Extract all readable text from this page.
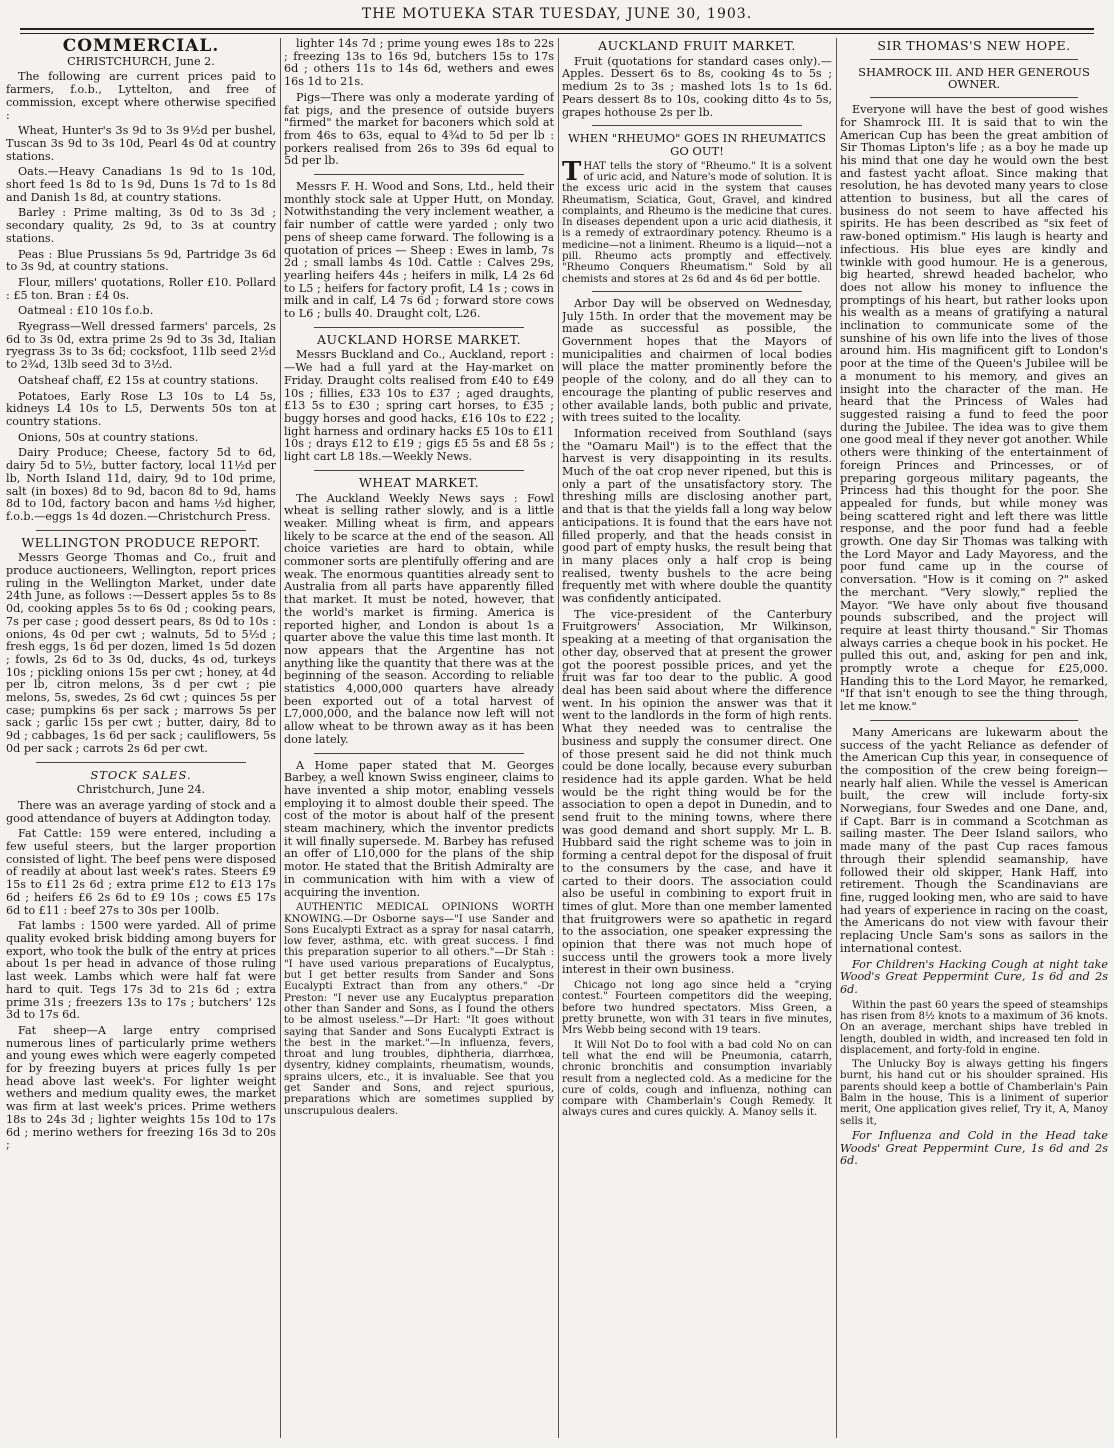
THE MOTUEKA STAR TUESDAY, JUNE 30, 1903.
COMMERCIAL.
CHRISTCHURCH, June 2.

The following are current prices paid to farmers, f.o.b., Lyttelton, and free of commission, except where otherwise specified :

Wheat, Hunter's 3s 9d to 3s 9½d per bushel, Tuscan 3s 9d to 3s 10d, Pearl 4s 0d at country stations.

Oats.—Heavy Canadians 1s 9d to 1s 10d, short feed 1s 8d to 1s 9d, Duns 1s 7d to 1s 8d and Danish 1s 8d, at country stations.

Barley : Prime malting, 3s 0d to 3s 3d ; secondary quality, 2s 9d, to 3s at country stations.

Peas : Blue Prussians 5s 9d, Partridge 3s 6d to 3s 9d, at country stations.

Flour, millers' quotations, Roller £10. Pollard : £5 ton. Bran : £4 0s.

Oatmeal : £10 10s f.o.b.

Ryegrass—Well dressed farmers' parcels, 2s 6d to 3s 0d, extra prime 2s 9d to 3s 3d, Italian ryegrass 3s to 3s 6d; cocksfoot, 11lb seed 2½d to 2¾d, 13lb seed 3d to 3½d.

Oatsheaf chaff, £2 15s at country stations.

Potatoes, Early Rose L3 10s to L4 5s, kidneys L4 10s to L5, Derwents 50s ton at country stations.

Onions, 50s at country stations.

Dairy Produce; Cheese, factory 5d to 6d, dairy 5d to 5½, butter factory, local 11½d per lb, North Island 11d, dairy, 9d to 10d prime, salt (in boxes) 8d to 9d, bacon 8d to 9d, hams 8d to 10d, factory bacon and hams ½d higher, f.o.b.—eggs 1s 4d dozen.—Christchurch Press.

WELLINGTON PRODUCE REPORT.

Messrs George Thomas and Co., fruit and produce auctioneers, Wellington, report prices ruling in the Wellington Market, under date 24th June, as follows :—Dessert apples 5s to 8s 0d, cooking apples 5s to 6s 0d ; cooking pears, 7s per case ; good dessert pears, 8s 0d to 10s : onions, 4s 0d per cwt ; walnuts, 5d to 5½d ; fresh eggs, 1s 6d per dozen, limed 1s 5d dozen ; fowls, 2s 6d to 3s 0d, ducks, 4s od, turkeys 10s ; pickling onions 15s per cwt ; honey, at 4d per lb, citron melons, 3s d per cwt ; pie melons, 5s, swedes, 2s 6d cwt ; quinces 5s per case; pumpkins 6s per sack ; marrows 5s per sack ; garlic 15s per cwt ; butter, dairy, 8d to 9d ; cabbages, 1s 6d per sack ; cauliflowers, 5s 0d per sack ; carrots 2s 6d per cwt.

STOCK SALES.
Christchurch, June 24.

There was an average yarding of stock and a good attendance of buyers at Addington today.

Fat Cattle: 159 were entered, including a few useful steers, but the larger proportion consisted of light. The beef pens were disposed of readily at about last week's rates. Steers £9 15s to £11 2s 6d ; extra prime £12 to £13 17s 6d ; heifers £6 2s 6d to £9 10s ; cows £5 17s 6d to £11 : beef 27s to 30s per 100lb.

Fat lambs : 1500 were yarded. All of prime quality evoked brisk bidding among buyers for export, who took the bulk of the entry at prices about 1s per head in advance of those ruling last week. Lambs which were half fat were hard to quit. Tegs 17s 3d to 21s 6d ; extra prime 31s ; freezers 13s to 17s ; butchers' 12s 3d to 17s 6d.

Fat sheep—A large entry comprised numerous lines of particularly prime wethers and young ewes which were eagerly competed for by freezing buyers at prices fully 1s per head above last week's. For lighter weight wethers and medium quality ewes, the market was firm at last week's prices. Prime wethers 18s to 24s 3d ; lighter weights 15s 10d to 17s 6d ; merino wethers for freezing 16s 3d to 20s ;

lighter 14s 7d ; prime young ewes 18s to 22s ; freezing 13s to 16s 9d, butchers 15s to 17s 6d ; others 11s to 14s 6d, wethers and ewes 16s 1d to 21s.

Pigs—There was only a moderate yarding of fat pigs, and the presence of outside buyers "firmed" the market for baconers which sold at from 46s to 63s, equal to 4¾d to 5d per lb : porkers realised from 26s to 39s 6d equal to 5d per lb.

Messrs F. H. Wood and Sons, Ltd., held their monthly stock sale at Upper Hutt, on Monday. Notwithstanding the very inclement weather, a fair number of cattle were yarded ; only two pens of sheep came forward. The following is a quotation of prices — Sheep : Ewes in lamb, 7s 2d ; small lambs 4s 10d. Cattle : Calves 29s, yearling heifers 44s ; heifers in milk, L4 2s 6d to L5 ; heifers for factory profit, L4 1s ; cows in milk and in calf, L4 7s 6d ; forward store cows to L6 ; bulls 40. Draught colt, L26.

AUCKLAND HORSE MARKET.

Messrs Buckland and Co., Auckland, report :—We had a full yard at the Hay-market on Friday. Draught colts realised from £40 to £49 10s ; fillies, £33 10s to £37 ; aged draughts, £13 5s to £30 ; spring cart horses, to £35 ; buggy horses and good hacks, £16 10s to £22 ; light harness and ordinary hacks £5 10s to £11 10s ; drays £12 to £19 ; gigs £5 5s and £8 5s ; light cart L8 18s.—Weekly News.

WHEAT MARKET.

The Auckland Weekly News says : Fowl wheat is selling rather slowly, and is a little weaker. Milling wheat is firm, and appears likely to be scarce at the end of the season. All choice varieties are hard to obtain, while commoner sorts are plentifully offering and are weak. The enormous quantities already sent to Australia from all parts have apparently filled that market. It must be noted, however, that the world's market is firming. America is reported higher, and London is about 1s a quarter above the value this time last month. It now appears that the Argentine has not anything like the quantity that there was at the beginning of the season. According to reliable statistics 4,000,000 quarters have already been exported out of a total harvest of L7,000,000, and the balance now left will not allow wheat to be thrown away as it has been done lately.

A Home paper stated that M. Georges Barbey, a well known Swiss engineer, claims to have invented a ship motor, enabling vessels employing it to almost double their speed. The cost of the motor is about half of the present steam machinery, which the inventor predicts it will finally supersede. M. Barbey has refused an offer of L10,000 for the plans of the ship motor. He stated that the British Admiralty are in communication with him with a view of acquiring the invention.

AUTHENTIC MEDICAL OPINIONS WORTH KNOWING.—Dr Osborne says—"I use Sander and Sons Eucalypti Extract as a spray for nasal catarrh, low fever, asthma, etc. with great success. I find this preparation superior to all others."—Dr Stah : "I have used various preparations of Eucalyptus, but I get better results from Sander and Sons Eucalypti Extract than from any others." -Dr Preston: "I never use any Eucalyptus preparation other than Sander and Sons, as I found the others to be almost useless."—Dr Hart: "It goes without saying that Sander and Sons Eucalypti Extract is the best in the market."—In influenza, fevers, throat and lung troubles, diphtheria, diarrhœa, dysentry, kidney complaints, rheumatism, wounds, sprains ulcers, etc., it is invaluable. See that you get Sander and Sons, and reject spurious, preparations which are sometimes supplied by unscrupulous dealers.

AUCKLAND FRUIT MARKET.

Fruit (quotations for standard cases only).—Apples. Dessert 6s to 8s, cooking 4s to 5s ; medium 2s to 3s ; mashed lots 1s to 1s 6d. Pears dessert 8s to 10s, cooking ditto 4s to 5s, grapes hothouse 2s per lb.

WHEN "RHEUMO" GOES IN RHEUMATICS GO OUT!

THAT tells the story of "Rheumo." It is a solvent of uric acid, and Nature's mode of solution. It is the excess uric acid in the system that causes Rheumatism, Sciatica, Gout, Gravel, and kindred complaints, and Rheumo is the medicine that cures. In diseases dependent upon a uric acid diathesis, it is a remedy of extraordinary potency. Rheumo is a medicine—not a liniment. Rheumo is a liquid—not a pill. Rheumo acts promptly and effectively. "Rheumo Conquers Rheumatism." Sold by all chemists and stores at 2s 6d and 4s 6d per bottle.

Arbor Day will be observed on Wednesday, July 15th. In order that the movement may be made as successful as possible, the Government hopes that the Mayors of municipalities and chairmen of local bodies will place the matter prominently before the people of the colony, and do all they can to encourage the planting of public reserves and other available lands, both public and private, with trees suited to the locality.

Information received from Southland (says the "Oamaru Mail") is to the effect that the harvest is very disappointing in its results. Much of the oat crop never ripened, but this is only a part of the unsatisfactory story. The threshing mills are disclosing another part, and that is that the yields fall a long way below anticipations. It is found that the ears have not filled properly, and that the heads consist in good part of empty husks, the result being that in many places only a half crop is being realised, twenty bushels to the acre being frequently met with where double the quantity was confidently anticipated.

The vice-president of the Canterbury Fruitgrowers' Association, Mr Wilkinson, speaking at a meeting of that organisation the other day, observed that at present the grower got the poorest possible prices, and yet the fruit was far too dear to the public. A good deal has been said about where the difference went. In his opinion the answer was that it went to the landlords in the form of high rents. What they needed was to centralise the business and supply the consumer direct. One of those present said he did not think much could be done locally, because every suburban residence had its apple garden. What be held would be the right thing would be for the association to open a depot in Dunedin, and to send fruit to the mining towns, where there was good demand and short supply. Mr L. B. Hubbard said the right scheme was to join in forming a central depot for the disposal of fruit to the consumers by the case, and have it carted to their doors. The association could also be useful in combining to export fruit in times of glut. More than one member lamented that fruitgrowers were so apathetic in regard to the association, one speaker expressing the opinion that there was not much hope of success until the growers took a more lively interest in their own business.

Chicago not long ago since held a "crying contest." Fourteen competitors did the weeping, before two hundred spectators. Miss Green, a pretty brunette, won with 31 tears in five minutes, Mrs Webb being second with 19 tears.

It Will Not Do to fool with a bad cold No on can tell what the end will be Pneumonia, catarrh, chronic bronchitis and consumption invariably result from a neglected cold. As a medicine for the cure of colds, cough and influenza, nothing can compare with Chamberlain's Cough Remedy. It always cures and cures quickly. A. Manoy sells it.

SIR THOMAS'S NEW HOPE.
SHAMROCK III. AND HER GENEROUS OWNER.

Everyone will have the best of good wishes for Shamrock III. It is said that to win the American Cup has been the great ambition of Sir Thomas Lipton's life ; as a boy he made up his mind that one day he would own the best and fastest yacht afloat. Since making that resolution, he has devoted many years to close attention to business, but all the cares of business do not seem to have affected his spirits. He has been described as "six feet of raw-boned optimism." His laugh is hearty and infectious. His blue eyes are kindly and twinkle with good humour. He is a generous, big hearted, shrewd headed bachelor, who does not allow his money to influence the promptings of his heart, but rather looks upon his wealth as a means of gratifying a natural inclination to communicate some of the sunshine of his own life into the lives of those around him. His magnificent gift to London's poor at the time of the Queen's Jubilee will be a monument to his memory, and gives an insight into the character of the man. He heard that the Princess of Wales had suggested raising a fund to feed the poor during the Jubilee. The idea was to give them one good meal if they never got another. While others were thinking of the entertainment of foreign Princes and Princesses, or of preparing gorgeous military pageants, the Princess had this thought for the poor. She appealed for funds, but while money was being scattered right and left there was little response, and the poor fund had a feeble growth. One day Sir Thomas was talking with the Lord Mayor and Lady Mayoress, and the poor fund came up in the course of conversation. "How is it coming on ?" asked the merchant. "Very slowly," replied the Mayor. "We have only about five thousand pounds subscribed, and the project will require at least thirty thousand." Sir Thomas always carries a cheque book in his pocket. He pulled this out, and, asking for pen and ink, promptly wrote a cheque for £25,000. Handing this to the Lord Mayor, he remarked, "If that isn't enough to see the thing through, let me know."

Many Americans are lukewarm about the success of the yacht Reliance as defender of the American Cup this year, in consequence of the composition of the crew being foreign—nearly half alien. While the vessel is American built, the crew will include forty-six Norwegians, four Swedes and one Dane, and, if Capt. Barr is in command a Scotchman as sailing master. The Deer Island sailors, who made many of the past Cup races famous through their splendid seamanship, have followed their old skipper, Hank Haff, into retirement. Though the Scandinavians are fine, rugged looking men, who are said to have had years of experience in racing on the coast, the Americans do not view with favour their replacing Uncle Sam's sons as sailors in the international contest.

For Children's Hacking Cough at night take Wood's Great Peppermint Cure, 1s 6d and 2s 6d.

Within the past 60 years the speed of steamships has risen from 8½ knots to a maximum of 36 knots. On an average, merchant ships have trebled in length, doubled in width, and increased ten fold in displacement, and forty-fold in engine.

The Unlucky Boy is always getting his fingers burnt, his hand cut or his shoulder sprained. His parents should keep a bottle of Chamberlain's Pain Balm in the house, This is a liniment of superior merit, One application gives relief, Try it, A, Manoy sells it,

For Influenza and Cold in the Head take Woods' Great Peppermint Cure, 1s 6d and 2s 6d.
